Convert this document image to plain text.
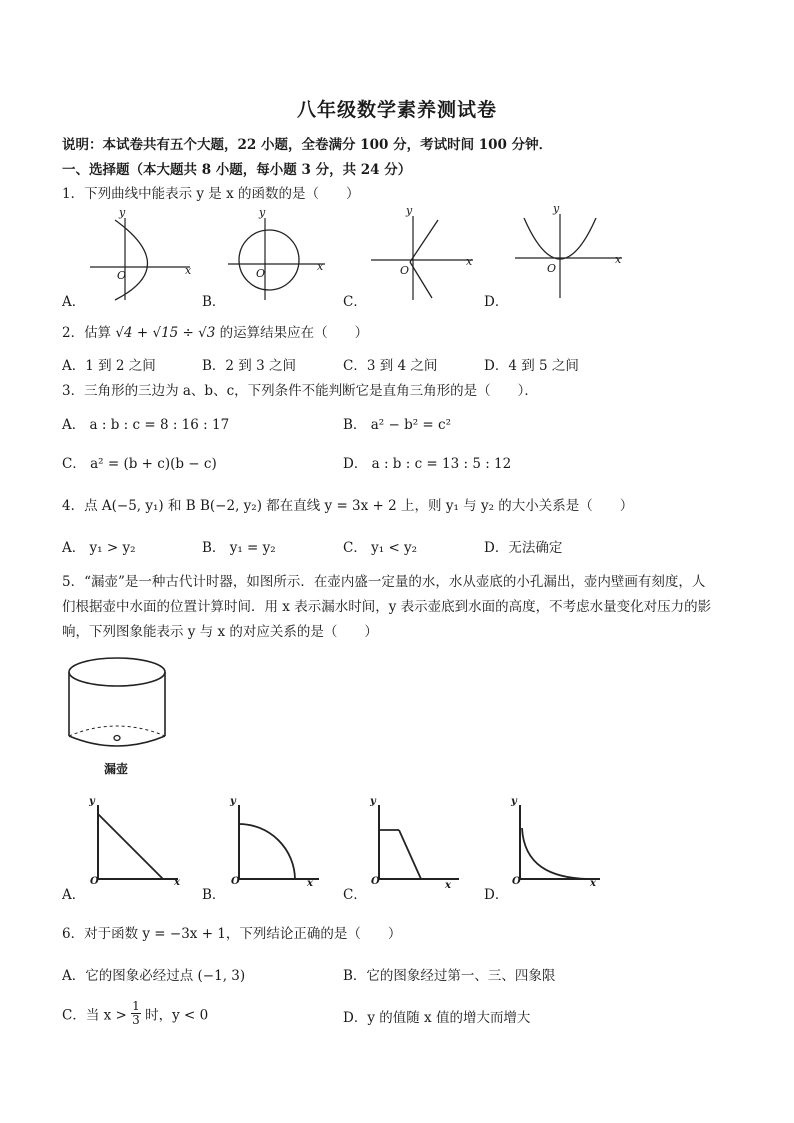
八年级数学素养测试卷
说明：本试卷共有五个大题，22 小题，全卷满分 100 分，考试时间 100 分钟．
一、选择题（本大题共 8 小题，每小题 3 分，共 24 分）
1．下列曲线中能表示 y 是 x 的函数的是（　　）
y
x
O
A．
y
x
O
B．
y
x
O
C．
y
x
O
D．
2．估算 √4 + √15 ÷ √3 的运算结果应在（　　）
A．1 到 2 之间	B．2 到 3 之间	C．3 到 4 之间	D．4 到 5 之间
3．三角形的三边为 a、b、c，下列条件不能判断它是直角三角形的是（　　）．
A． a : b : c = 8 : 16 : 17	B． a² − b² = c²
C． a² = (b + c)(b − c)	D． a : b : c = 13 : 5 : 12
4．点 A(−5, y₁) 和 B B(−2, y₂) 都在直线 y = 3x + 2 上，则 y₁ 与 y₂ 的大小关系是（　　）
A． y₁ > y₂	B． y₁ = y₂	C． y₁ < y₂	D．无法确定
5．“漏壶”是一种古代计时器，如图所示．在壶内盛一定量的水，水从壶底的小孔漏出，壶内壁画有刻度，人
们根据壶中水面的位置计算时间．用 x 表示漏水时间，y 表示壶底到水面的高度，不考虑水量变化对压力的影
响，下列图象能表示 y 与 x 的对应关系的是（　　）
漏壶
y
x
O
A．
y
x
O
B．
y
x
O
C．
y
x
O
D．
6．对于函数 y = −3x + 1，下列结论正确的是（　　）
A．它的图象必经过点 (−1, 3)	B．它的图象经过第一、三、四象限
C．当 $x > \frac{1}{3}$ 时，y < 0	D．y 的值随 x 值的增大而增大
